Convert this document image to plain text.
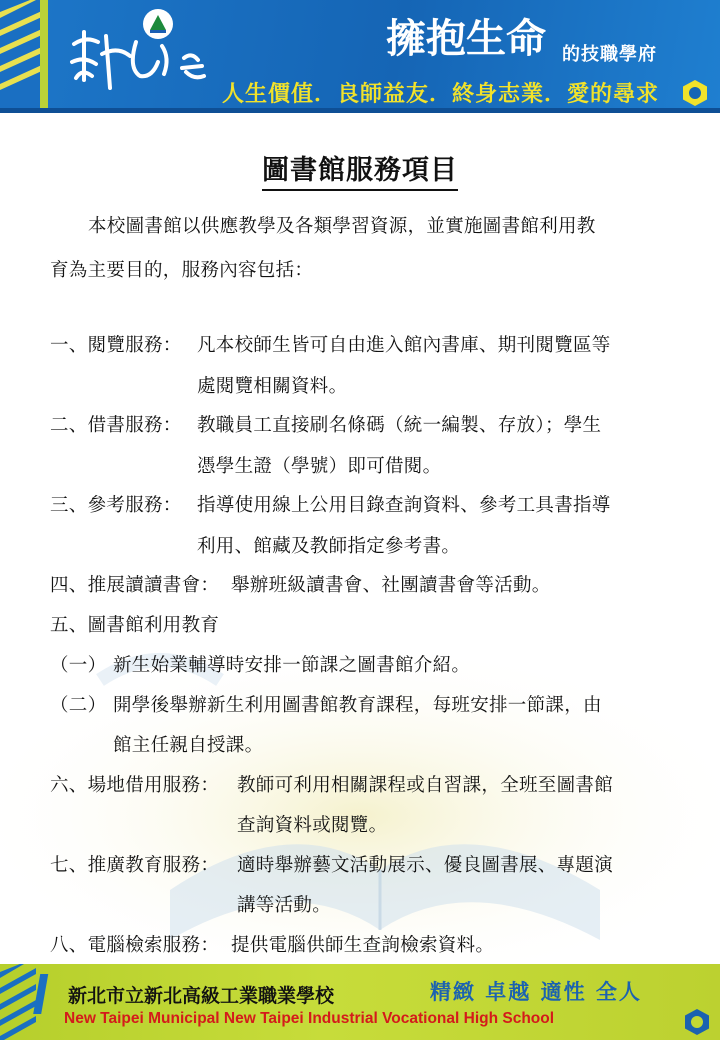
擁抱生命 的技職學府
人生價值．良師益友．終身志業．愛的尋求
圖書館服務項目
本校圖書館以供應教學及各類學習資源，並實施圖書館利用教
育為主要目的，服務內容包括：
一、閱覽服務： 凡本校師生皆可自由進入館內書庫、期刊閱覽區等
處閱覽相關資料。
二、借書服務： 教職員工直接刷名條碼（統一編製、存放）；學生
憑學生證（學號）即可借閱。
三、參考服務： 指導使用線上公用目錄查詢資料、參考工具書指導
利用、館藏及教師指定參考書。
四、推展讀讀書會： 舉辦班級讀書會、社團讀書會等活動。
五、圖書館利用教育
（一） 新生始業輔導時安排一節課之圖書館介紹。
（二） 開學後舉辦新生利用圖書館教育課程，每班安排一節課，由
館主任親自授課。
六、場地借用服務： 教師可利用相關課程或自習課，全班至圖書館
查詢資料或閱覽。
七、推廣教育服務： 適時舉辦藝文活動展示、優良圖書展、專題演
講等活動。
八、電腦檢索服務： 提供電腦供師生查詢檢索資料。
新北市立新北高級工業職業學校	精緻 卓越 適性 全人
New Taipei Municipal New Taipei Industrial Vocational High School
